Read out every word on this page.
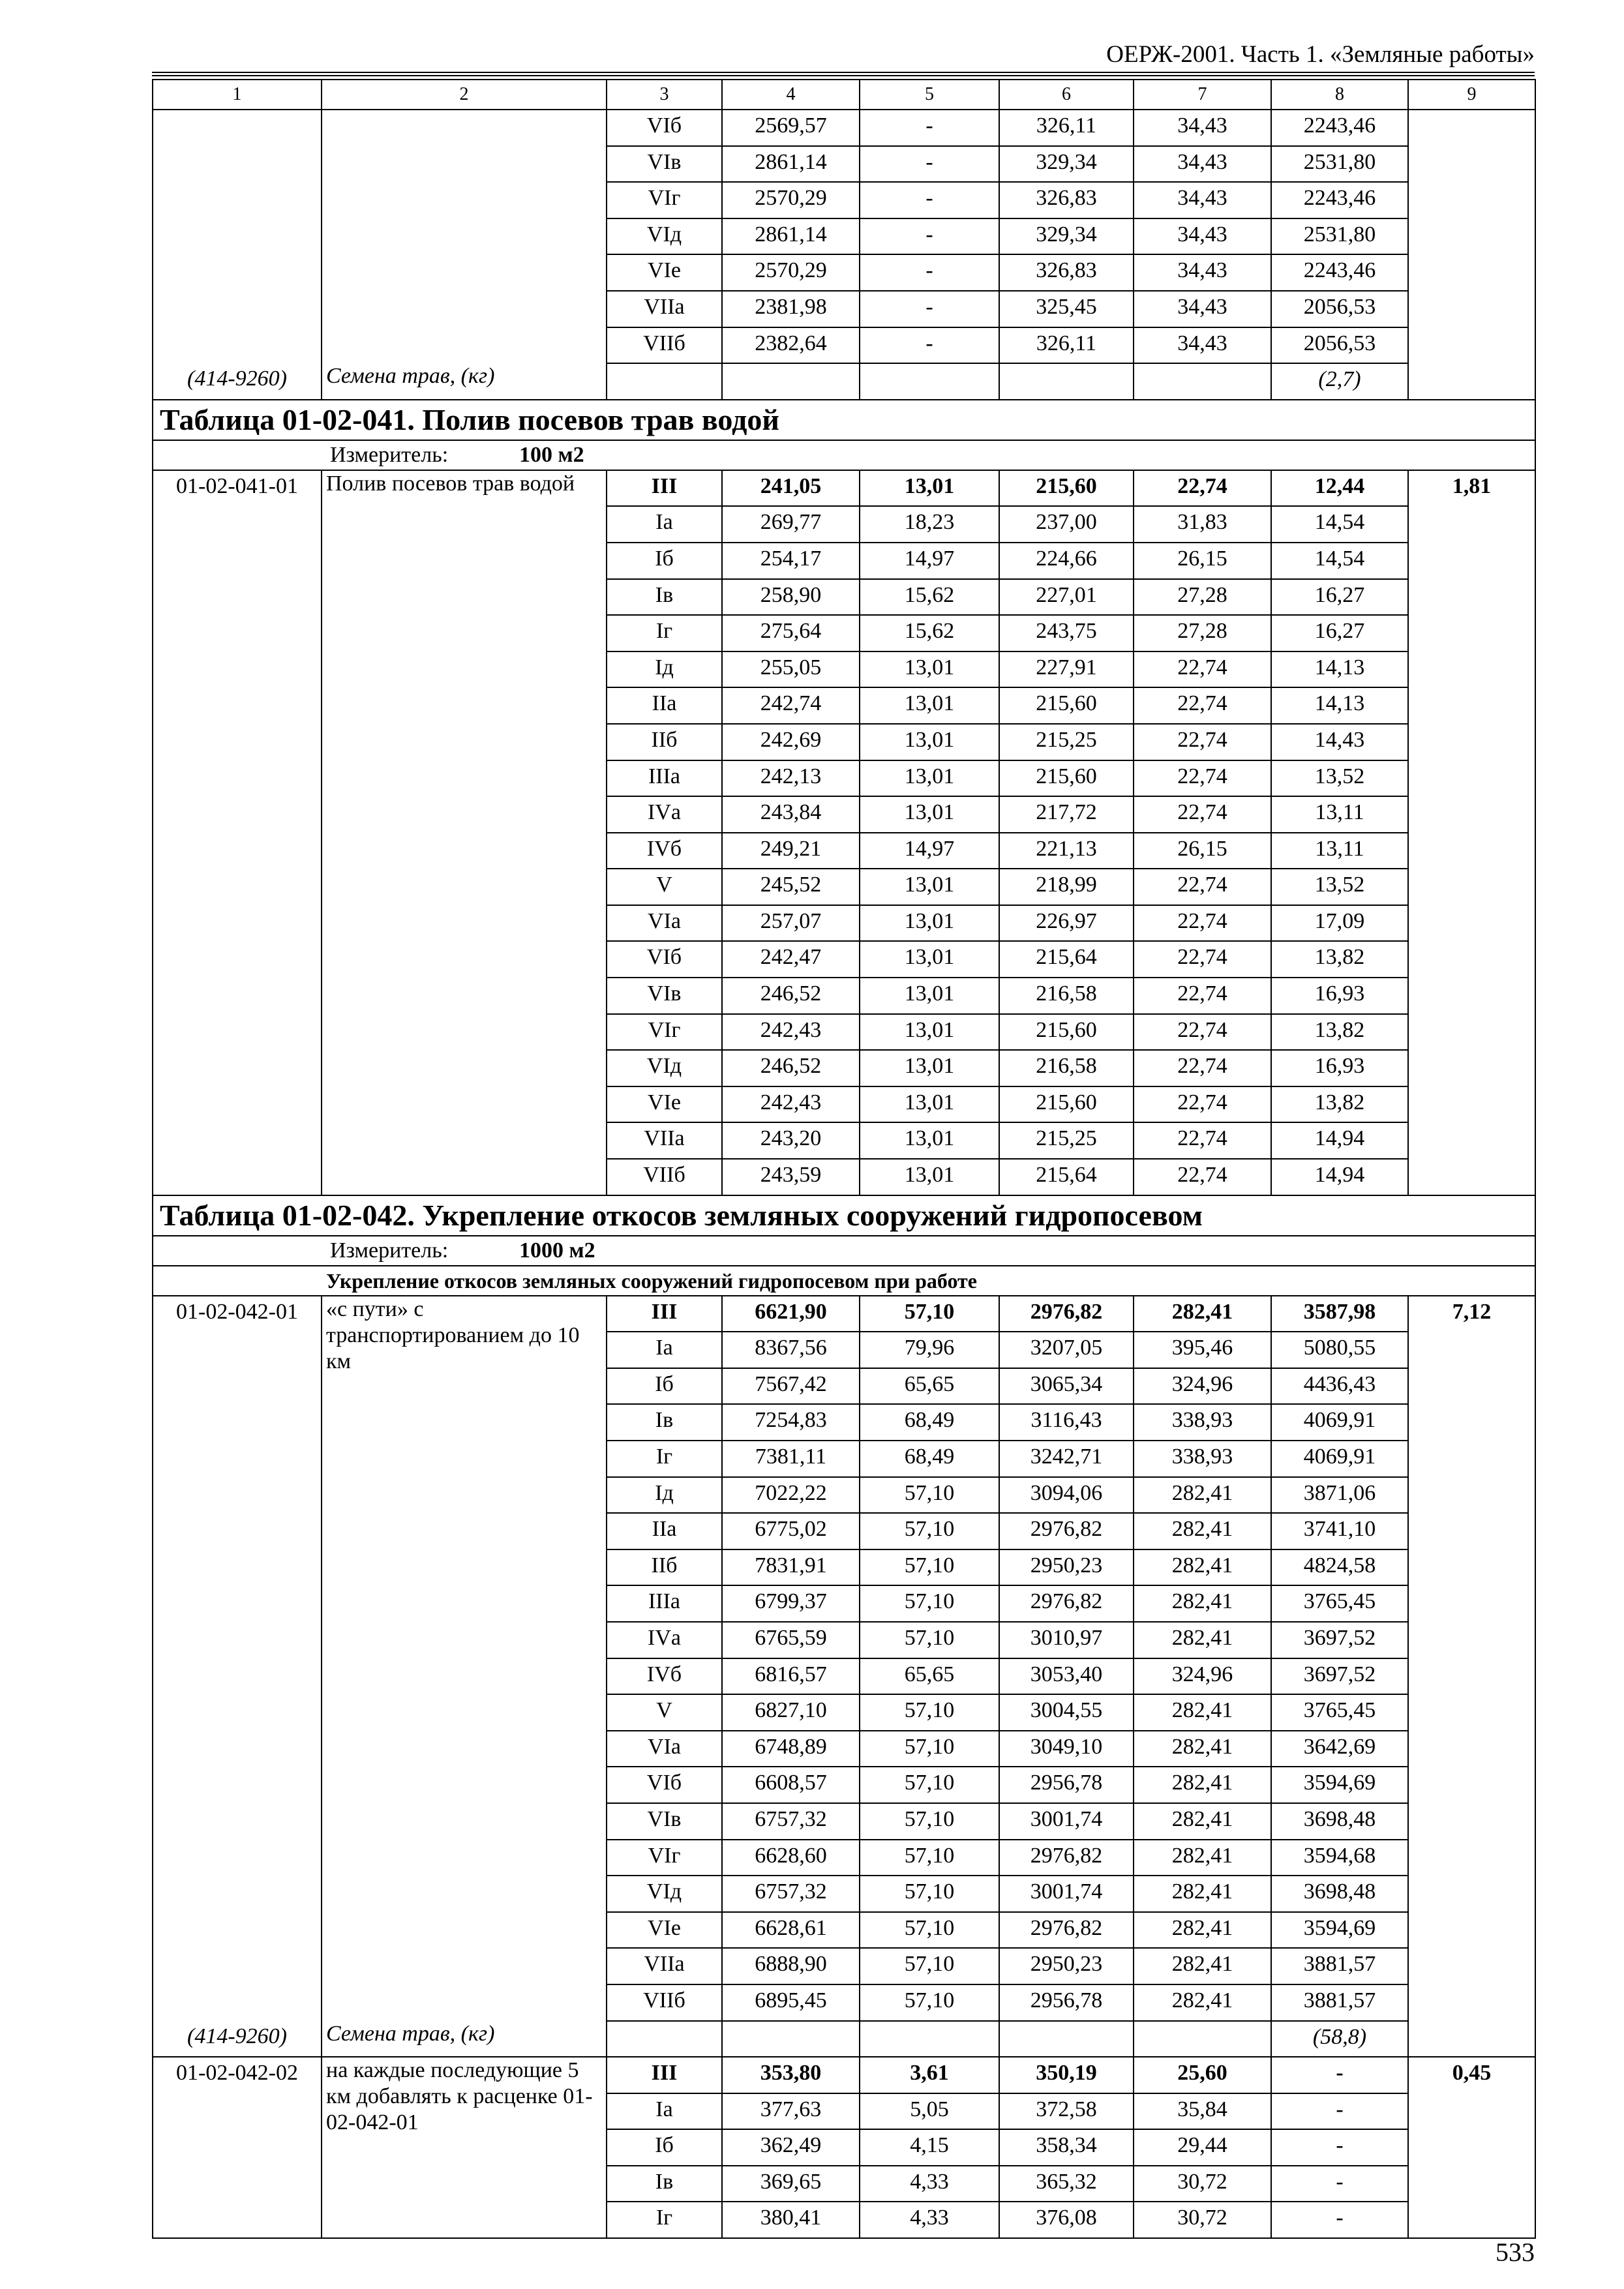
ОЕРЖ-2001. Часть 1. «Земляные работы»
1	2	3	4	5	6	7	8	9
		VIб	2569,57	-	326,11	34,43	2243,46	
		VIв	2861,14	-	329,34	34,43	2531,80	
		VIг	2570,29	-	326,83	34,43	2243,46	
		VIд	2861,14	-	329,34	34,43	2531,80	
		VIе	2570,29	-	326,83	34,43	2243,46	
		VIIа	2381,98	-	325,45	34,43	2056,53	
		VIIб	2382,64	-	326,11	34,43	2056,53	
(414-9260)	Семена трав, (кг)						(2,7)	
Таблица 01-02-041. Полив посевов трав водой								
Измеритель: 100 м2								
01-02-041-01	Полив посевов трав водой	III	241,05	13,01	215,60	22,74	12,44	1,81
		Iа	269,77	18,23	237,00	31,83	14,54	
		Iб	254,17	14,97	224,66	26,15	14,54	
		Iв	258,90	15,62	227,01	27,28	16,27	
		Iг	275,64	15,62	243,75	27,28	16,27	
		Iд	255,05	13,01	227,91	22,74	14,13	
		IIа	242,74	13,01	215,60	22,74	14,13	
		IIб	242,69	13,01	215,25	22,74	14,43	
		IIIа	242,13	13,01	215,60	22,74	13,52	
		IVа	243,84	13,01	217,72	22,74	13,11	
		IVб	249,21	14,97	221,13	26,15	13,11	
		V	245,52	13,01	218,99	22,74	13,52	
		VIа	257,07	13,01	226,97	22,74	17,09	
		VIб	242,47	13,01	215,64	22,74	13,82	
		VIв	246,52	13,01	216,58	22,74	16,93	
		VIг	242,43	13,01	215,60	22,74	13,82	
		VIд	246,52	13,01	216,58	22,74	16,93	
		VIе	242,43	13,01	215,60	22,74	13,82	
		VIIа	243,20	13,01	215,25	22,74	14,94	
		VIIб	243,59	13,01	215,64	22,74	14,94	
Таблица 01-02-042. Укрепление откосов земляных сооружений гидропосевом								
Измеритель: 1000 м2								
Укрепление откосов земляных сооружений гидропосевом при работе								
01-02-042-01	«с пути» с транспортированием до 10 км	III	6621,90	57,10	2976,82	282,41	3587,98	7,12
		Iа	8367,56	79,96	3207,05	395,46	5080,55	
		Iб	7567,42	65,65	3065,34	324,96	4436,43	
		Iв	7254,83	68,49	3116,43	338,93	4069,91	
		Iг	7381,11	68,49	3242,71	338,93	4069,91	
		Iд	7022,22	57,10	3094,06	282,41	3871,06	
		IIа	6775,02	57,10	2976,82	282,41	3741,10	
		IIб	7831,91	57,10	2950,23	282,41	4824,58	
		IIIа	6799,37	57,10	2976,82	282,41	3765,45	
		IVа	6765,59	57,10	3010,97	282,41	3697,52	
		IVб	6816,57	65,65	3053,40	324,96	3697,52	
		V	6827,10	57,10	3004,55	282,41	3765,45	
		VIа	6748,89	57,10	3049,10	282,41	3642,69	
		VIб	6608,57	57,10	2956,78	282,41	3594,69	
		VIв	6757,32	57,10	3001,74	282,41	3698,48	
		VIг	6628,60	57,10	2976,82	282,41	3594,68	
		VIд	6757,32	57,10	3001,74	282,41	3698,48	
		VIе	6628,61	57,10	2976,82	282,41	3594,69	
		VIIа	6888,90	57,10	2950,23	282,41	3881,57	
		VIIб	6895,45	57,10	2956,78	282,41	3881,57	
(414-9260)	Семена трав, (кг)						(58,8)	
01-02-042-02	на каждые последующие 5 км добавлять к расценке 01-02-042-01	III	353,80	3,61	350,19	25,60	-	0,45
		Iа	377,63	5,05	372,58	35,84	-	
		Iб	362,49	4,15	358,34	29,44	-	
		Iв	369,65	4,33	365,32	30,72	-	
		Iг	380,41	4,33	376,08	30,72	-	
533
